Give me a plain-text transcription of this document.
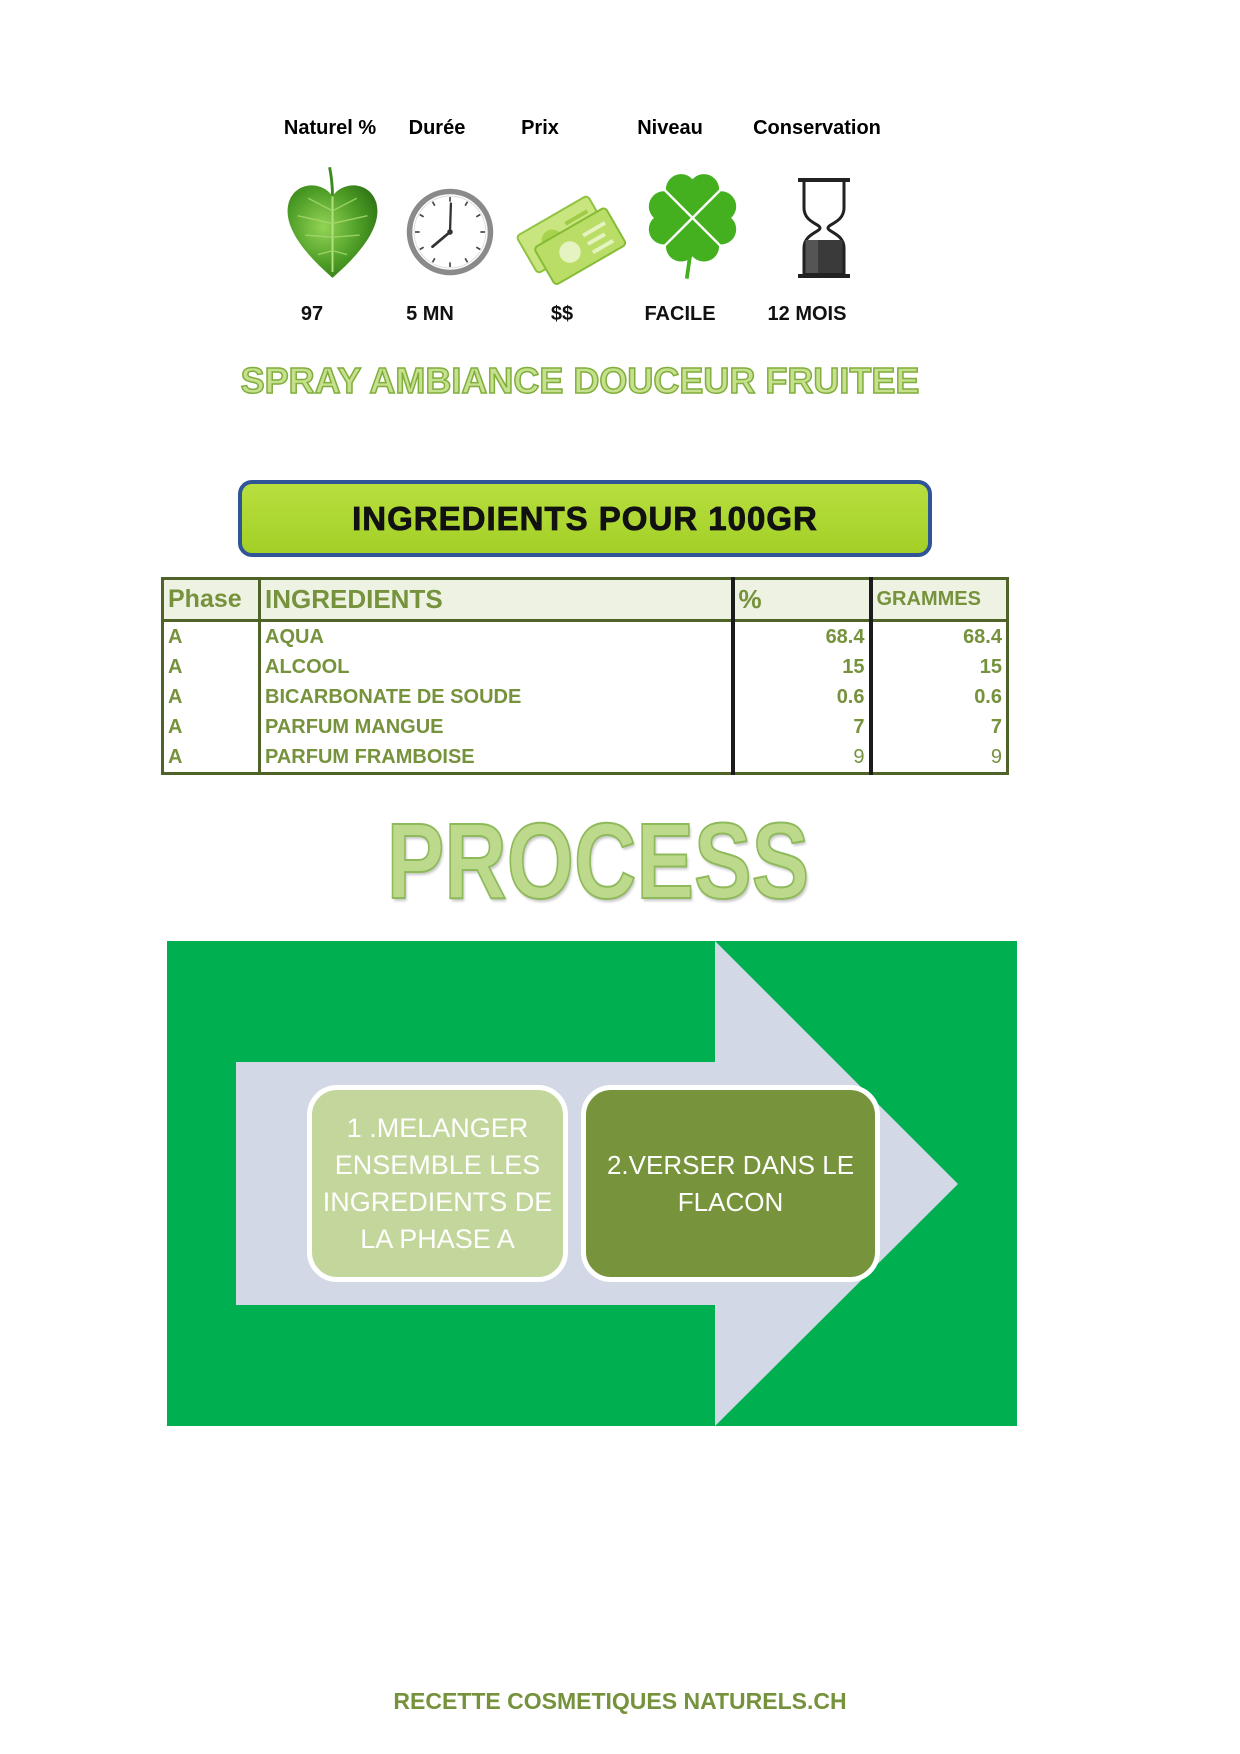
Naturel %	Durée	Prix	Niveau	Conservation
97	5 MN	$$	FACILE	12 MOIS
SPRAY AMBIANCE DOUCEUR FRUITEE
INGREDIENTS POUR 100GR
Phase	INGREDIENTS	%	GRAMMES
A	AQUA	68.4	68.4
A	ALCOOL	15	15
A	BICARBONATE DE SOUDE	0.6	0.6
A	PARFUM MANGUE	7	7
A	PARFUM FRAMBOISE	9	9
PROCESS
1 .MELANGER ENSEMBLE LES INGREDIENTS DE LA PHASE A
2.VERSER DANS LE FLACON
RECETTE COSMETIQUES NATURELS.CH
